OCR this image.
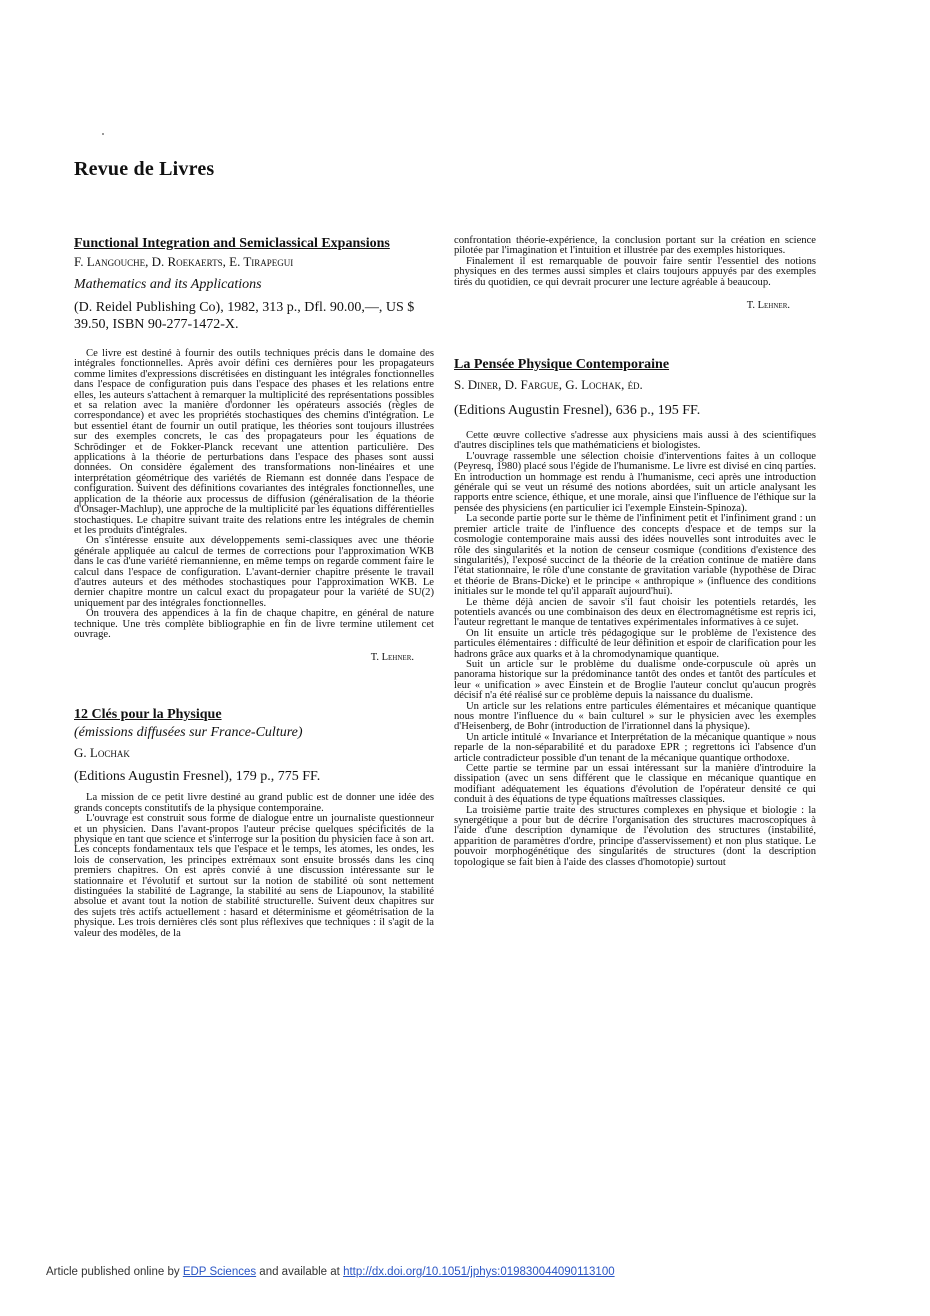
Revue de Livres
Functional Integration and Semiclassical Expansions
F. Langouche, D. Roekaerts, E. Tirapegui
Mathematics and its Applications
(D. Reidel Publishing Co), 1982, 313 p., Dfl. 90.00,—, US $ 39.50, ISBN 90-277-1472-X.

Ce livre est destiné à fournir des outils techniques précis dans le domaine des intégrales fonctionnelles. Après avoir défini ces dernières pour les propagateurs comme limites d'expressions discrétisées en distinguant les intégrales fonctionnelles dans l'espace de configuration puis dans l'espace des phases et les relations entre elles, les auteurs s'attachent à remarquer la multiplicité des représentations possibles et sa relation avec la manière d'ordonner les opérateurs associés (règles de correspondance) et avec les propriétés stochastiques des chemins d'intégration. Le but essentiel étant de fournir un outil pratique, les théories sont toujours illustrées sur des exemples concrets, le cas des propagateurs pour les équations de Schrödinger et de Fokker-Planck recevant une attention particulière. Des applications à la théorie de perturbations dans l'espace des phases sont aussi données. On considère également des transformations non-linéaires et une interprétation géométrique des variétés de Riemann est donnée dans l'espace de configuration. Suivent des définitions covariantes des intégrales fonctionnelles, une application de la théorie aux processus de diffusion (généralisation de la théorie d'Onsager-Machlup), une approche de la multiplicité par les équations différentielles stochastiques. Le chapitre suivant traite des relations entre les intégrales de chemin et les produits d'intégrales.

On s'intéresse ensuite aux développements semi-classiques avec une théorie générale appliquée au calcul de termes de corrections pour l'approximation WKB dans le cas d'une variété riemannienne, en même temps on regarde comment faire le calcul dans l'espace de configuration. L'avant-dernier chapitre présente le travail d'autres auteurs et des méthodes stochastiques pour l'approximation WKB. Le dernier chapitre montre un calcul exact du propagateur pour la variété de SU(2) uniquement par des intégrales fonctionnelles.

On trouvera des appendices à la fin de chaque chapitre, en général de nature technique. Une très complète bibliographie en fin de livre termine utilement cet ouvrage.

T. Lehner.
12 Clés pour la Physique
(émissions diffusées sur France-Culture)
G. Lochak
(Editions Augustin Fresnel), 179 p., 775 FF.

La mission de ce petit livre destiné au grand public est de donner une idée des grands concepts constitutifs de la physique contemporaine.

L'ouvrage est construit sous forme de dialogue entre un journaliste questionneur et un physicien. Dans l'avant-propos l'auteur précise quelques spécificités de la physique en tant que science et s'interroge sur la position du physicien face à son art. Les concepts fondamentaux tels que l'espace et le temps, les atomes, les ondes, les lois de conservation, les principes extrémaux sont ensuite brossés dans les cinq premiers chapitres. On est après convié à une discussion intéressante sur le stationnaire et l'évolutif et surtout sur la notion de stabilité où sont nettement distinguées la stabilité de Lagrange, la stabilité au sens de Liapounov, la stabilité absolue et avant tout la notion de stabilité structurelle. Suivent deux chapitres sur des sujets très actifs actuellement : hasard et déterminisme et géométrisation de la physique. Les trois dernières clés sont plus réflexives que techniques : il s'agit de la valeur des modèles, de la

confrontation théorie-expérience, la conclusion portant sur la création en science pilotée par l'imagination et l'intuition et illustrée par des exemples historiques.

Finalement il est remarquable de pouvoir faire sentir l'essentiel des notions physiques en des termes aussi simples et clairs toujours appuyés par des exemples tirés du quotidien, ce qui devrait procurer une lecture agréable à beaucoup.

T. Lehner.
La Pensée Physique Contemporaine
S. Diner, D. Fargue, G. Lochak, éd.
(Editions Augustin Fresnel), 636 p., 195 FF.

Cette œuvre collective s'adresse aux physiciens mais aussi à des scientifiques d'autres disciplines tels que mathématiciens et biologistes.

L'ouvrage rassemble une sélection choisie d'interventions faites à un colloque (Peyresq, 1980) placé sous l'égide de l'humanisme. Le livre est divisé en cinq parties. En introduction un hommage est rendu à l'humanisme, ceci après une introduction générale qui se veut un résumé des notions abordées, suit un article analysant les rapports entre science, éthique, et une morale, ainsi que l'influence de l'éthique sur la pensée des physiciens (en particulier ici l'exemple Einstein-Spinoza).

La seconde partie porte sur le thème de l'infiniment petit et l'infiniment grand : un premier article traite de l'influence des concepts d'espace et de temps sur la cosmologie contemporaine mais aussi des idées nouvelles sont introduites avec le rôle des singularités et la notion de censeur cosmique (conditions d'existence des singularités), l'exposé succinct de la théorie de la création continue de matière dans l'état stationnaire, le rôle d'une constante de gravitation variable (hypothèse de Dirac et théorie de Brans-Dicke) et le principe « anthropique » (influence des conditions initiales sur le monde tel qu'il apparaît aujourd'hui).

Le thème déjà ancien de savoir s'il faut choisir les potentiels retardés, les potentiels avancés ou une combinaison des deux en électromagnétisme est repris ici, l'auteur regrettant le manque de tentatives expérimentales informatives à ce sujet.

On lit ensuite un article très pédagogique sur le problème de l'existence des particules élémentaires : difficulté de leur définition et espoir de clarification pour les hadrons grâce aux quarks et à la chromodynamique quantique.

Suit un article sur le problème du dualisme onde-corpuscule où après un panorama historique sur la prédominance tantôt des ondes et tantôt des particules et leur « unification » avec Einstein et de Broglie l'auteur conclut qu'aucun progrès décisif n'a été réalisé sur ce problème depuis la naissance du dualisme.

Un article sur les relations entre particules élémentaires et mécanique quantique nous montre l'influence du « bain culturel » sur le physicien avec les exemples d'Heisenberg, de Bohr (introduction de l'irrationnel dans la physique).

Un article intitulé « Invariance et Interprétation de la mécanique quantique » nous reparle de la non-séparabilité et du paradoxe EPR ; regrettons ici l'absence d'un article contradicteur possible d'un tenant de la mécanique quantique orthodoxe.

Cette partie se termine par un essai intéressant sur la manière d'introduire la dissipation (avec un sens différent que le classique en mécanique quantique en modifiant adéquatement les équations d'évolution de l'opérateur densité ce qui conduit à des équations de type équations maîtresses classiques.

La troisième partie traite des structures complexes en physique et biologie : la synergétique a pour but de décrire l'organisation des structures macroscopiques à l'aide d'une description dynamique de l'évolution des structures (instabilité, apparition de paramètres d'ordre, principe d'asservissement) et non plus statique. Le pouvoir morphogénétique des singularités de structures (dont la description topologique se fait bien à l'aide des classes d'homotopie) surtout

Article published online by EDP Sciences and available at http://dx.doi.org/10.1051/jphys:019830044090113100
